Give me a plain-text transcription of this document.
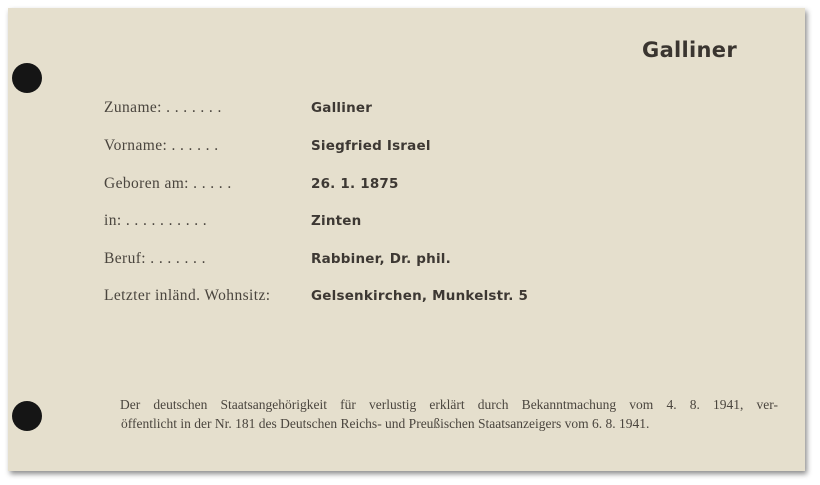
Galliner
Zuname: . . . . . . .	Galliner
Vorname: . . . . . .	Siegfried Israel
Geboren am: . . . . .	26. 1. 1875
in: . . . . . . . . . .	Zinten
Beruf: . . . . . . .	Rabbiner, Dr. phil.
Letzter inländ. Wohnsitz:	Gelsenkirchen, Munkelstr. 5
Der deutschen Staatsangehörigkeit für verlustig erklärt durch Bekanntmachung vom 4. 8. 1941, ver-
öffentlicht in der Nr. 181 des Deutschen Reichs- und Preußischen Staatsanzeigers vom 6. 8. 1941.
